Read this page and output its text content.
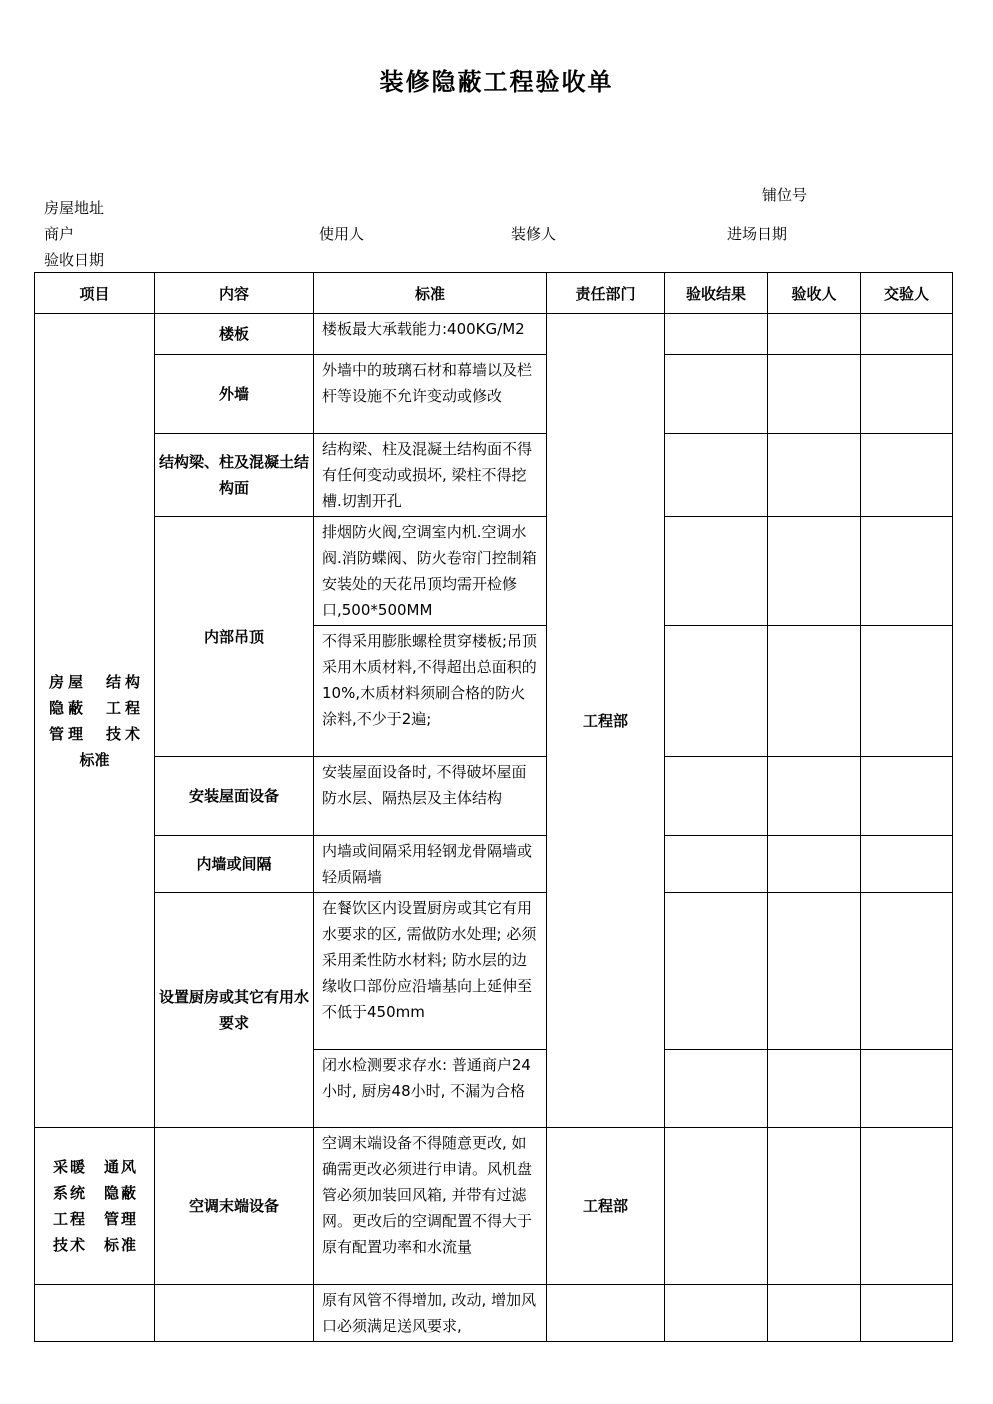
装修隐蔽工程验收单
铺位号
房屋地址
商户	使用人	装修人	进场日期
验收日期
项目	内容	标准	责任部门	验收结果	验收人	交验人

房屋　结构
隐蔽　工程
管理　技术
标准	楼板	楼板最大承载能力:400KG/M2	工程部			
	外墙	外墙中的玻璃石材和幕墙以及栏杆等设施不允许变动或修改				
	结构梁、柱及混凝土结构面	结构梁、柱及混凝土结构面不得有任何变动或损坏, 梁柱不得挖槽.切割开孔				
	内部吊顶	排烟防火阀,空调室内机.空调水阀.消防蝶阀、防火卷帘门控制箱安装处的天花吊顶均需开检修口,500*500MM				
		不得采用膨胀螺栓贯穿楼板;吊顶采用木质材料,不得超出总面积的10%,木质材料须刷合格的防火涂料,不少于2遍;				
	安装屋面设备	安装屋面设备时, 不得破坏屋面防水层、隔热层及主体结构				
	内墙或间隔	内墙或间隔采用轻钢龙骨隔墙或轻质隔墙				
	设置厨房或其它有用水要求	在餐饮区内设置厨房或其它有用水要求的区, 需做防水处理; 必须采用柔性防水材料; 防水层的边缘收口部份应沿墙基向上延伸至不低于450mm				
		闭水检测要求存水: 普通商户24小时, 厨房48小时, 不漏为合格				

采暖　通风
系统　隐蔽
工程　管理
技术　标准	空调末端设备	空调末端设备不得随意更改, 如确需更改必须进行申请。风机盘管必须加装回风箱, 并带有过滤网。更改后的空调配置不得大于原有配置功率和水流量	工程部			
		原有风管不得增加, 改动, 增加风口必须满足送风要求,				
